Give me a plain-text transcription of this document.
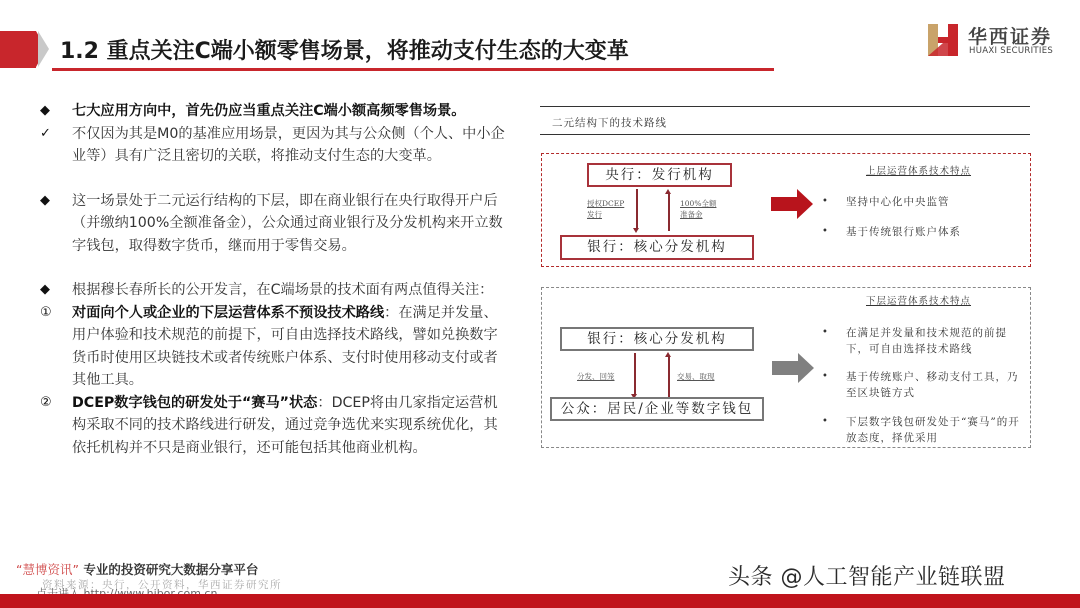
1.2 重点关注C端小额零售场景，将推动支付生态的大变革
华西证券
HUAXI SECURITIES
◆	七大应用方向中，首先仍应当重点关注C端小额高频零售场景。
✓	不仅因为其是M0的基准应用场景，更因为其与公众侧（个人、中小企业等）具有广泛且密切的关联，将推动支付生态的大变革。
◆	这一场景处于二元运行结构的下层，即在商业银行在央行取得开户后（并缴纳100%全额准备金），公众通过商业银行及分发机构来开立数字钱包，取得数字货币，继而用于零售交易。
◆	根据穆长春所长的公开发言，在C端场景的技术面有两点值得关注：
①	对面向个人或企业的下层运营体系不预设技术路线：在满足并发量、用户体验和技术规范的前提下，可自由选择技术路线，譬如兑换数字货币时使用区块链技术或者传统账户体系、支付时使用移动支付或者其他工具。
②	DCEP数字钱包的研发处于“赛马”状态：DCEP将由几家指定运营机构采取不同的技术路线进行研发，通过竞争选优来实现系统优化，其依托机构并不只是商业银行，还可能包括其他商业机构。
二元结构下的技术路线
央行：发行机构
授权DCEP
发行
100%全额
准备金
银行：核心分发机构
上层运营体系技术特点
• 坚持中心化中央监管
• 基于传统银行账户体系
银行：核心分发机构
分发、回笼	交易、取现
公众：居民/企业等数字钱包
下层运营体系技术特点
• 在满足并发量和技术规范的前提下，可自由选择技术路线
• 基于传统账户、移动支付工具，乃至区块链方式
• 下层数字钱包研发处于“赛马”的开放态度，择优采用
“慧博资讯” 专业的投资研究大数据分享平台
资料来源：央行，公开资料，华西证券研究所	头条 @人工智能产业链联盟
